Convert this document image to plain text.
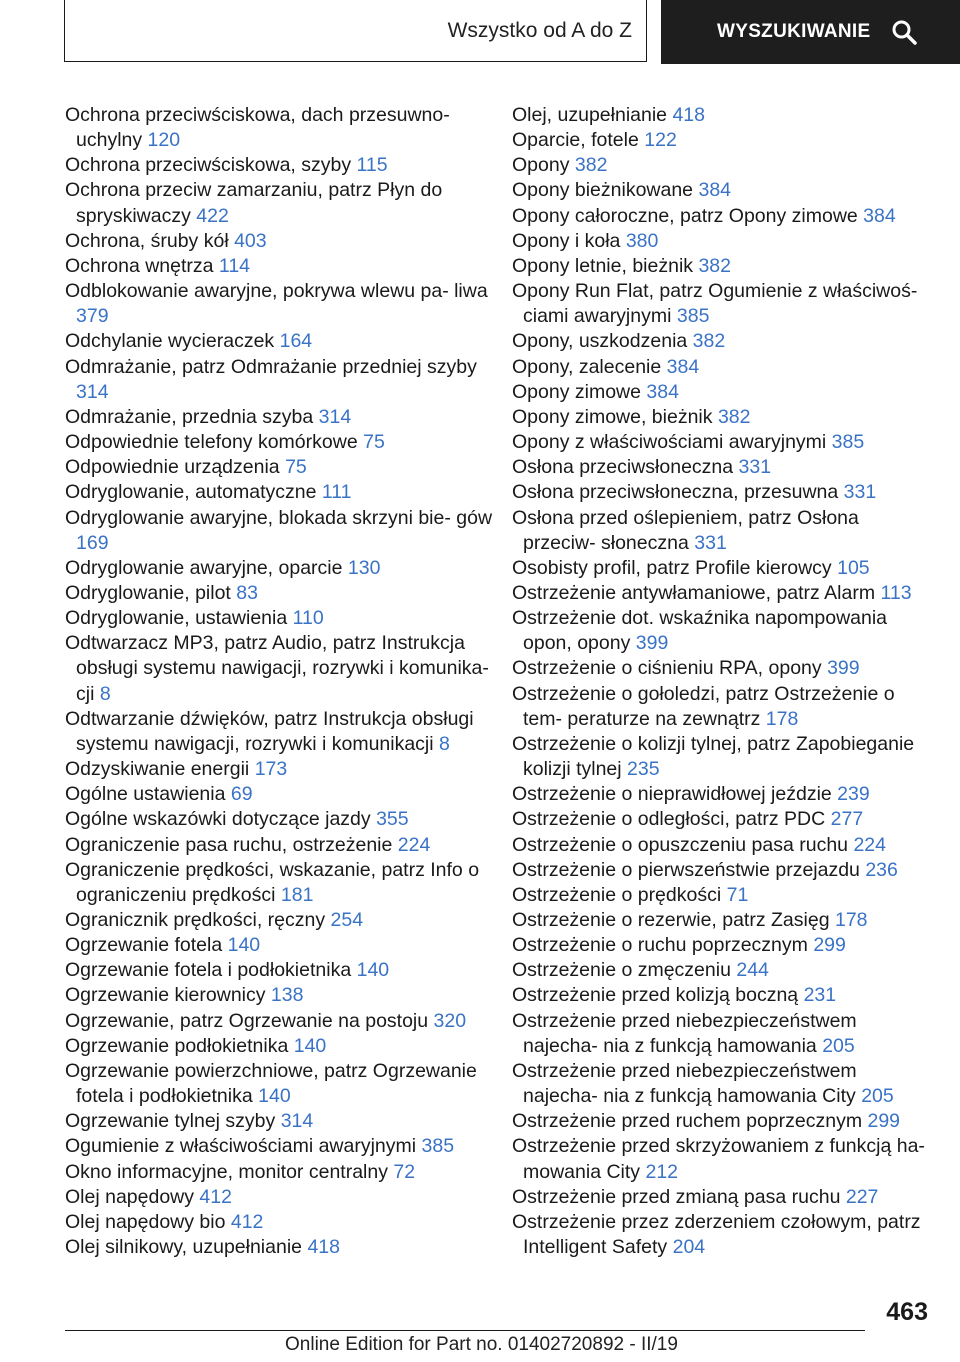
Wszystko od A do Z	WYSZUKIWANIE

Ochrona przeciwściskowa, dach przesuwno‐ uchylny 120

Ochrona przeciwściskowa, szyby 115

Ochrona przeciw zamarzaniu, patrz Płyn do spryskiwaczy 422

Ochrona, śruby kół 403

Ochrona wnętrza 114

Odblokowanie awaryjne, pokrywa wlewu pa‐ liwa 379

Odchylanie wycieraczek 164

Odmrażanie, patrz Odmrażanie przedniej szyby 314

Odmrażanie, przednia szyba 314

Odpowiednie telefony komórkowe 75

Odpowiednie urządzenia 75

Odryglowanie, automatyczne 111

Odryglowanie awaryjne, blokada skrzyni bie‐ gów 169

Odryglowanie awaryjne, oparcie 130

Odryglowanie, pilot 83

Odryglowanie, ustawienia 110

Odtwarzacz MP3, patrz Audio, patrz Instrukcja obsługi systemu nawigacji, rozrywki i komunika‐ cji 8

Odtwarzanie dźwięków, patrz Instrukcja obsługi systemu nawigacji, rozrywki i komunikacji 8

Odzyskiwanie energii 173

Ogólne ustawienia 69

Ogólne wskazówki dotyczące jazdy 355

Ograniczenie pasa ruchu, ostrzeżenie 224

Ograniczenie prędkości, wskazanie, patrz Info o ograniczeniu prędkości 181

Ogranicznik prędkości, ręczny 254

Ogrzewanie fotela 140

Ogrzewanie fotela i podłokietnika 140

Ogrzewanie kierownicy 138

Ogrzewanie, patrz Ogrzewanie na postoju 320

Ogrzewanie podłokietnika 140

Ogrzewanie powierzchniowe, patrz Ogrzewanie fotela i podłokietnika 140

Ogrzewanie tylnej szyby 314

Ogumienie z właściwościami awaryjnymi 385

Okno informacyjne, monitor centralny 72

Olej napędowy 412

Olej napędowy bio 412

Olej silnikowy, uzupełnianie 418

Olej, uzupełnianie 418

Oparcie, fotele 122

Opony 382

Opony bieżnikowane 384

Opony całoroczne, patrz Opony zimowe 384

Opony i koła 380

Opony letnie, bieżnik 382

Opony Run Flat, patrz Ogumienie z właściwoś‐ ciami awaryjnymi 385

Opony, uszkodzenia 382

Opony, zalecenie 384

Opony zimowe 384

Opony zimowe, bieżnik 382

Opony z właściwościami awaryjnymi 385

Osłona przeciwsłoneczna 331

Osłona przeciwsłoneczna, przesuwna 331

Osłona przed oślepieniem, patrz Osłona przeciw‐ słoneczna 331

Osobisty profil, patrz Profile kierowcy 105

Ostrzeżenie antywłamaniowe, patrz Alarm 113

Ostrzeżenie dot. wskaźnika napompowania opon, opony 399

Ostrzeżenie o ciśnieniu RPA, opony 399

Ostrzeżenie o gołoledzi, patrz Ostrzeżenie o tem‐ peraturze na zewnątrz 178

Ostrzeżenie o kolizji tylnej, patrz Zapobieganie kolizji tylnej 235

Ostrzeżenie o nieprawidłowej jeździe 239

Ostrzeżenie o odległości, patrz PDC 277

Ostrzeżenie o opuszczeniu pasa ruchu 224

Ostrzeżenie o pierwszeństwie przejazdu 236

Ostrzeżenie o prędkości 71

Ostrzeżenie o rezerwie, patrz Zasięg 178

Ostrzeżenie o ruchu poprzecznym 299

Ostrzeżenie o zmęczeniu 244

Ostrzeżenie przed kolizją boczną 231

Ostrzeżenie przed niebezpieczeństwem najecha‐ nia z funkcją hamowania 205

Ostrzeżenie przed niebezpieczeństwem najecha‐ nia z funkcją hamowania City 205

Ostrzeżenie przed ruchem poprzecznym 299

Ostrzeżenie przed skrzyżowaniem z funkcją ha‐ mowania City 212

Ostrzeżenie przed zmianą pasa ruchu 227

Ostrzeżenie przez zderzeniem czołowym, patrz Intelligent Safety 204

463
Online Edition for Part no. 01402720892 - II/19
